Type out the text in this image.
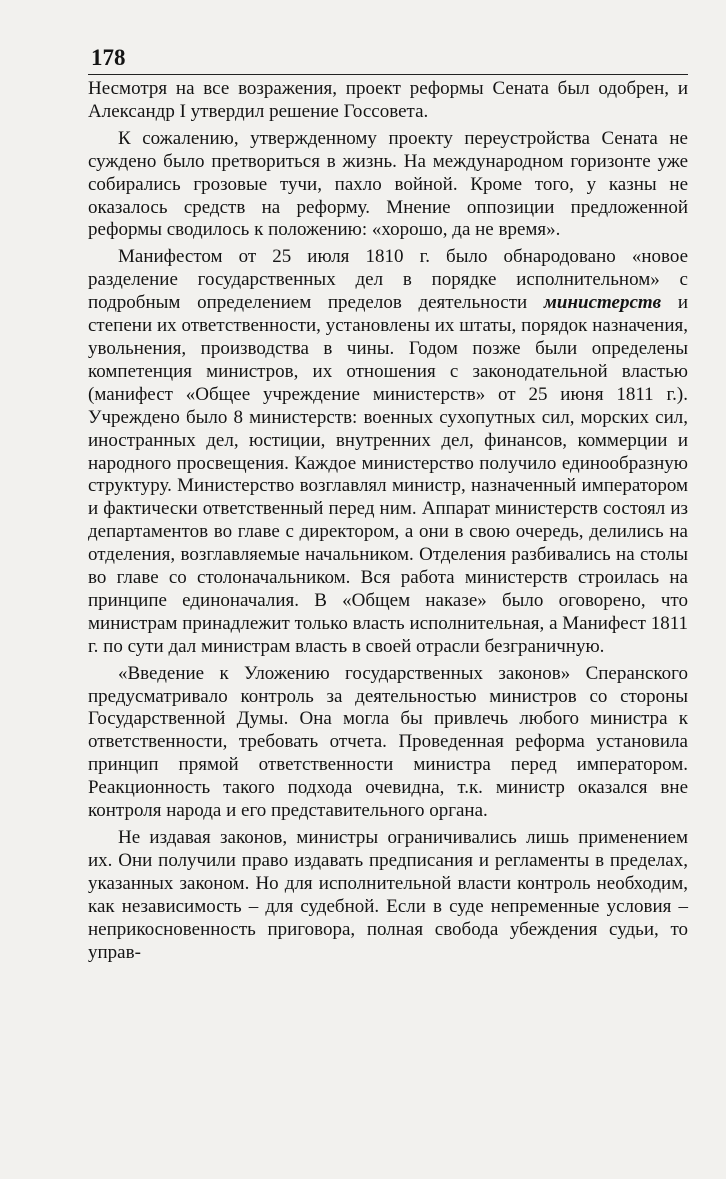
178

Несмотря на все возражения, проект реформы Сената был одобрен, и Александр I утвердил решение Госсовета.

К сожалению, утвержденному проекту переустройства Сената не суждено было претвориться в жизнь. На международном горизонте уже собирались грозовые тучи, пахло войной. Кроме того, у казны не оказалось средств на реформу. Мнение оппозиции предложенной реформы сводилось к положению: «хорошо, да не время».

Манифестом от 25 июля 1810 г. было обнародовано «новое разделение государственных дел в порядке исполнительном» с подробным определением пределов деятельности министерств и степени их ответственности, установлены их штаты, порядок назначения, увольнения, производства в чины. Годом позже были определены компетенция министров, их отношения с законодательной властью (манифест «Общее учреждение министерств» от 25 июня 1811 г.). Учреждено было 8 министерств: военных сухопутных сил, морских сил, иностранных дел, юстиции, внутренних дел, финансов, коммерции и народного просвещения. Каждое министерство получило единообразную структуру. Министерство возглавлял министр, назначенный императором и фактически ответственный перед ним. Аппарат министерств состоял из департаментов во главе с директором, а они в свою очередь, делились на отделения, возглавляемые начальником. Отделения разбивались на столы во главе со столоначальником. Вся работа министерств строилась на принципе единоначалия. В «Общем наказе» было оговорено, что министрам принадлежит только власть исполнительная, а Манифест 1811 г. по сути дал министрам власть в своей отрасли безграничную.

«Введение к Уложению государственных законов» Сперанского предусматривало контроль за деятельностью министров со стороны Государственной Думы. Она могла бы привлечь любого министра к ответственности, требовать отчета. Проведенная реформа установила принцип прямой ответственности министра перед императором. Реакционность такого подхода очевидна, т.к. министр оказался вне контроля народа и его представительного органа.

Не издавая законов, министры ограничивались лишь применением их. Они получили право издавать предписания и регламенты в пределах, указанных законом. Но для исполнительной власти контроль необходим, как независимость – для судебной. Если в суде непременные условия – неприкосновенность приговора, полная свобода убеждения судьи, то управ-
